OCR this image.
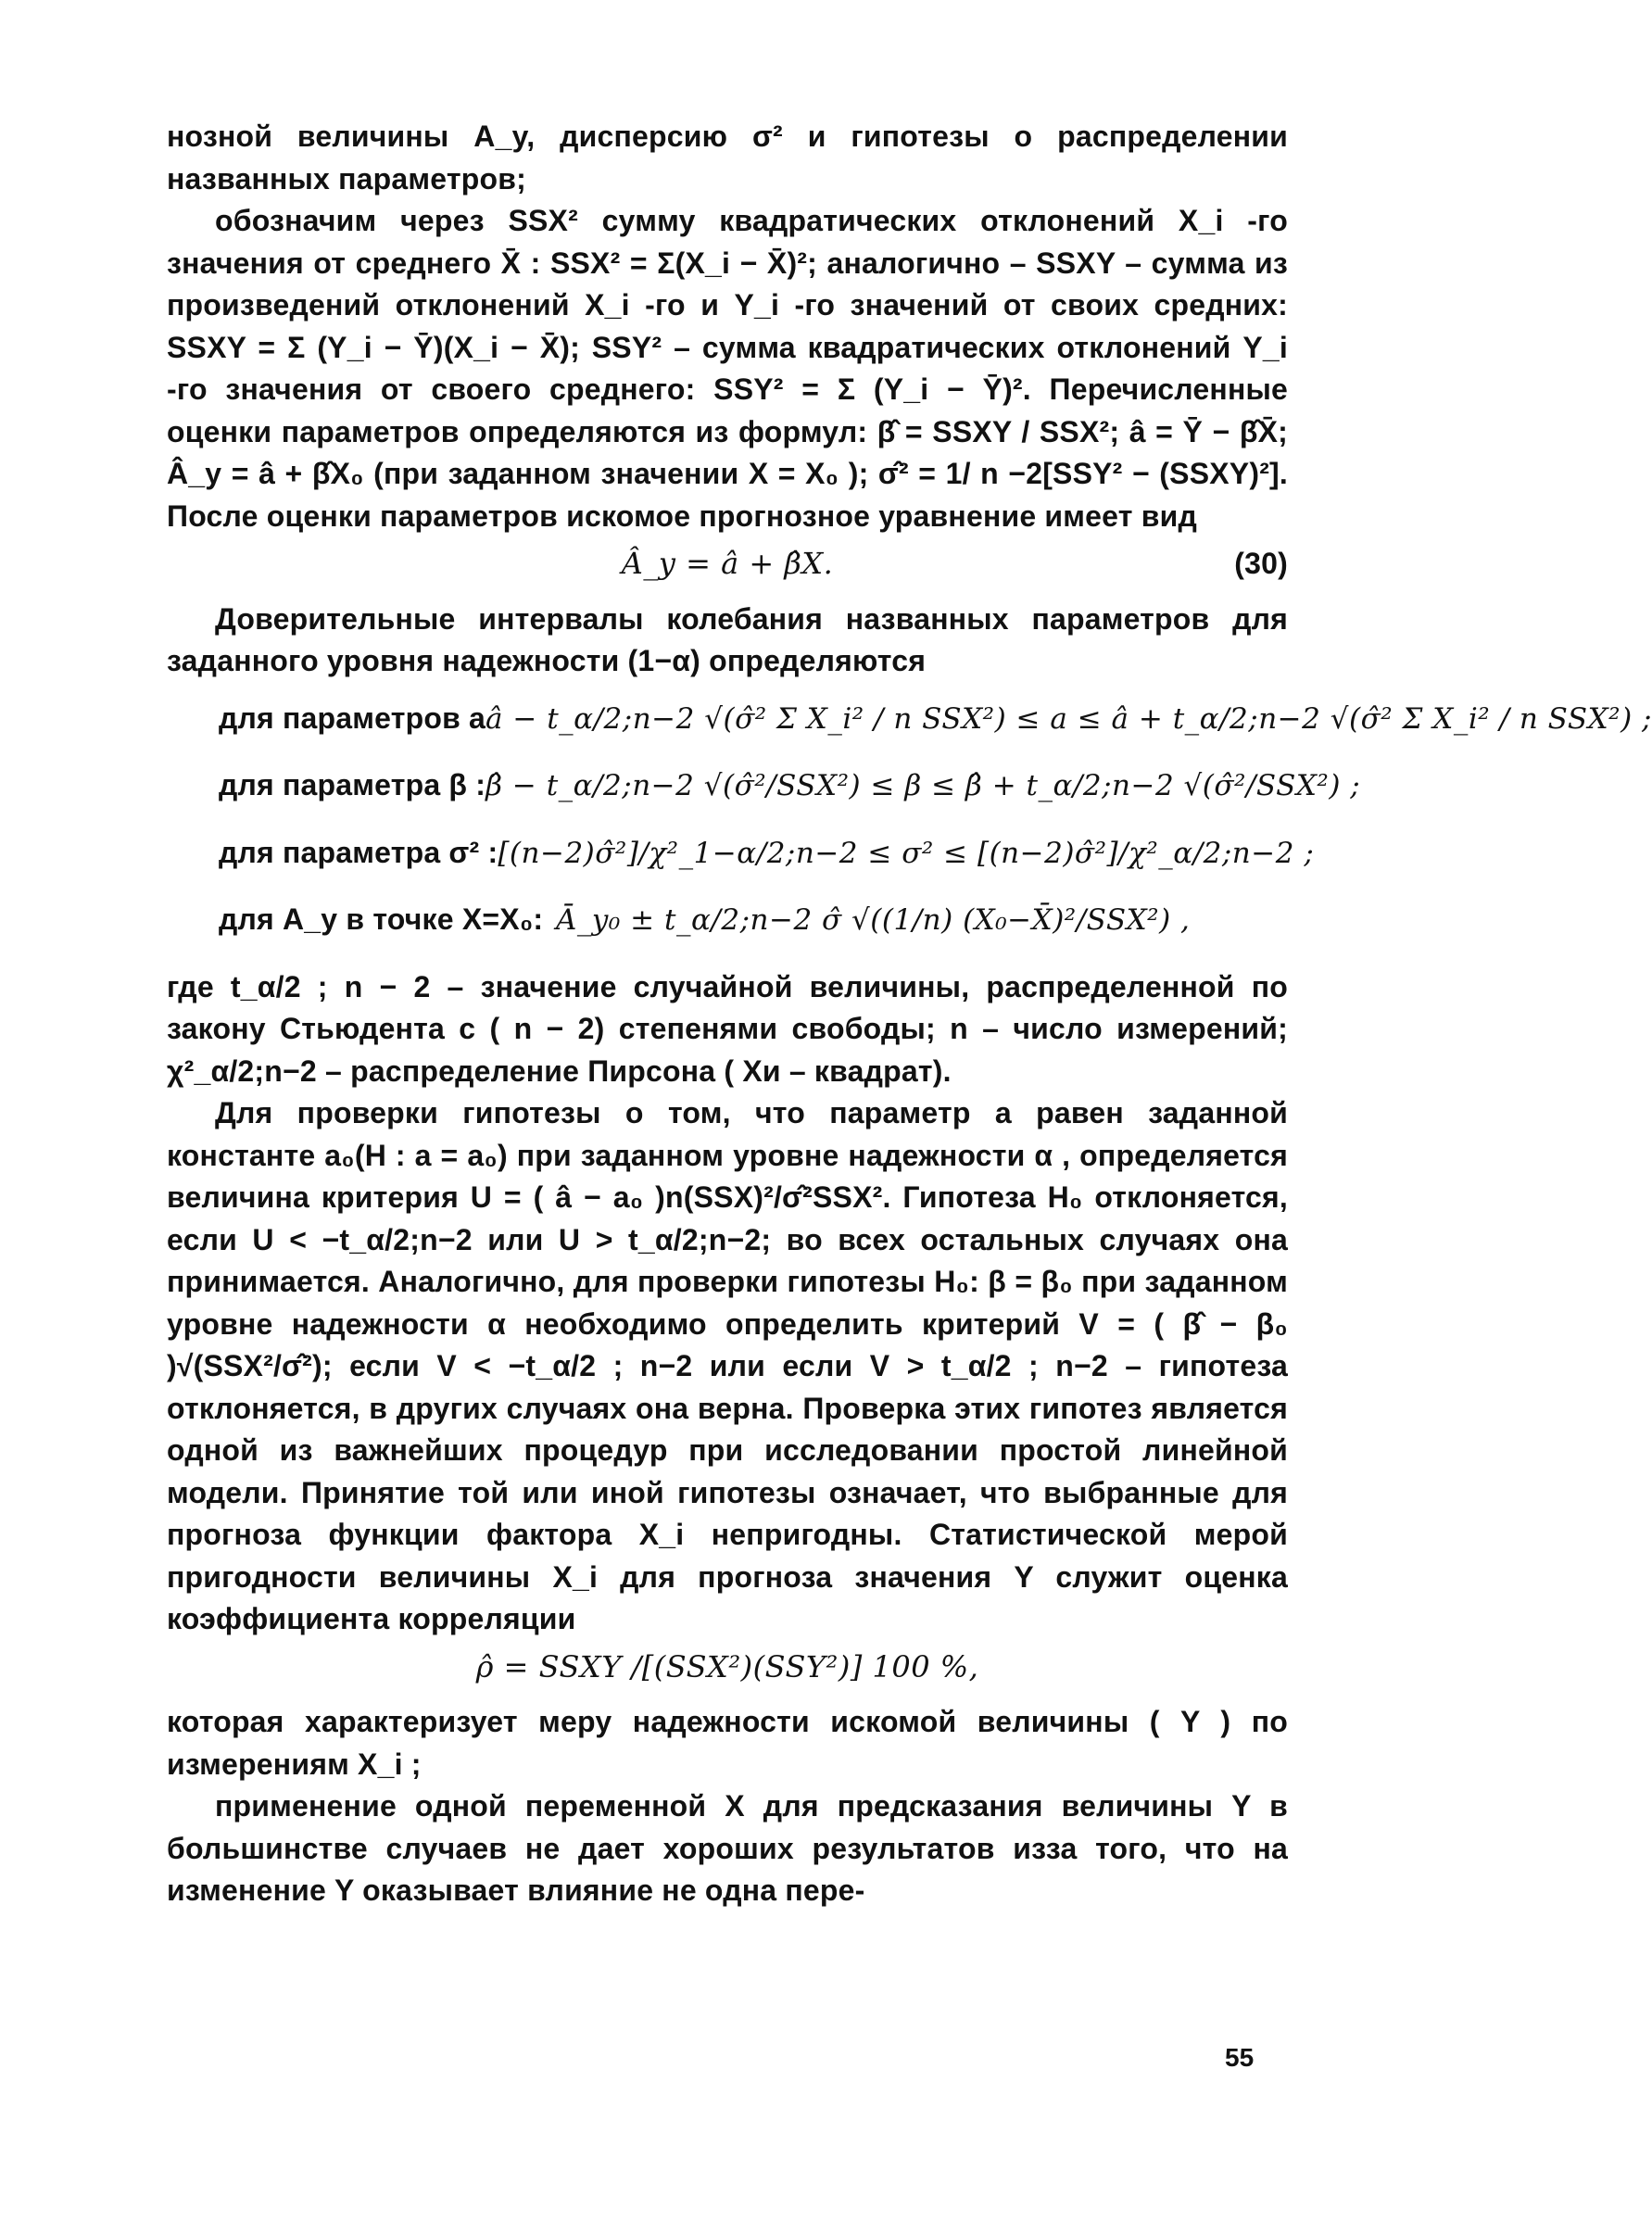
нозной величины A_y, дисперсию σ² и гипотезы о распределении названных параметров;

обозначим через SSX² сумму квадратических отклонений X_i -го значения от среднего X̄ : SSX² = Σ(X_i − X̄)²; аналогично – SSXY – сумма из произведений отклонений X_i -го и Y_i -го значений от своих средних: SSXY = Σ (Y_i − Ȳ)(X_i − X̄); SSY² – сумма квадратических отклонений Y_i -го значения от своего среднего: SSY² = Σ (Y_i − Ȳ)². Перечисленные оценки параметров определяются из формул: β̂ = SSXY / SSX²; â = Ȳ − β̂X̄; Â_y = â + β̂X₀ (при заданном значении X = X₀ ); σ̂² = 1/ n −2[SSY² − (SSXY)²]. После оценки параметров искомое прогнозное уравнение имеет вид

Â_y = â + β̂X.	(30)

Доверительные интервалы колебания названных параметров для заданного уровня надежности (1−α) определяются

для параметров a â − t_α/2;n−2 √(σ̂² Σ X_i² / n SSX²) ≤ a ≤ â + t_α/2;n−2 √(σ̂² Σ X_i² / n SSX²) ;
для параметра β : β̂ − t_α/2;n−2 √(σ̂²/SSX²) ≤ β ≤ β̂ + t_α/2;n−2 √(σ̂²/SSX²) ;
для параметра σ² : [(n−2)σ̂²]/χ²_1−α/2;n−2 ≤ σ² ≤ [(n−2)σ̂²]/χ²_α/2;n−2 ;
для A_y в точке X=X₀: Ā_y₀ ± t_α/2;n−2 σ̂ √((1/n) (X₀−X̄)²/SSX²) ,

где t_α/2 ; n − 2 – значение случайной величины, распределенной по закону Стьюдента с ( n − 2) степенями свободы; n – число измерений; χ²_α/2;n−2 – распределение Пирсона ( Хи – квадрат).

Для проверки гипотезы о том, что параметр a равен заданной константе a₀(H : a = a₀) при заданном уровне надежности α , определяется величина критерия U = ( â − a₀ )n(SSX)²/σ̂²SSX². Гипотеза H₀ отклоняется, если U < −t_α/2;n−2 или U > t_α/2;n−2; во всех остальных случаях она принимается. Аналогично, для проверки гипотезы H₀: β = β₀ при заданном уровне надежности α необходимо определить критерий V = ( β̂ − β₀ )√(SSX²/σ̂²); если V < −t_α/2 ; n−2 или если V > t_α/2 ; n−2 – гипотеза отклоняется, в других случаях она верна. Проверка этих гипотез является одной из важнейших процедур при исследовании простой линейной модели. Принятие той или иной гипотезы означает, что выбранные для прогноза функции фактора X_i непригодны. Статистической мерой пригодности величины X_i для прогноза значения Y служит оценка коэффициента корреляции

ρ̂ = SSXY /[(SSX²)(SSY²)] 100 %,

которая характеризует меру надежности искомой величины ( Y ) по измерениям X_i ;

применение одной переменной X для предсказания величины Y в большинстве случаев не дает хороших результатов изза того, что на изменение Y оказывает влияние не одна пере-

55
